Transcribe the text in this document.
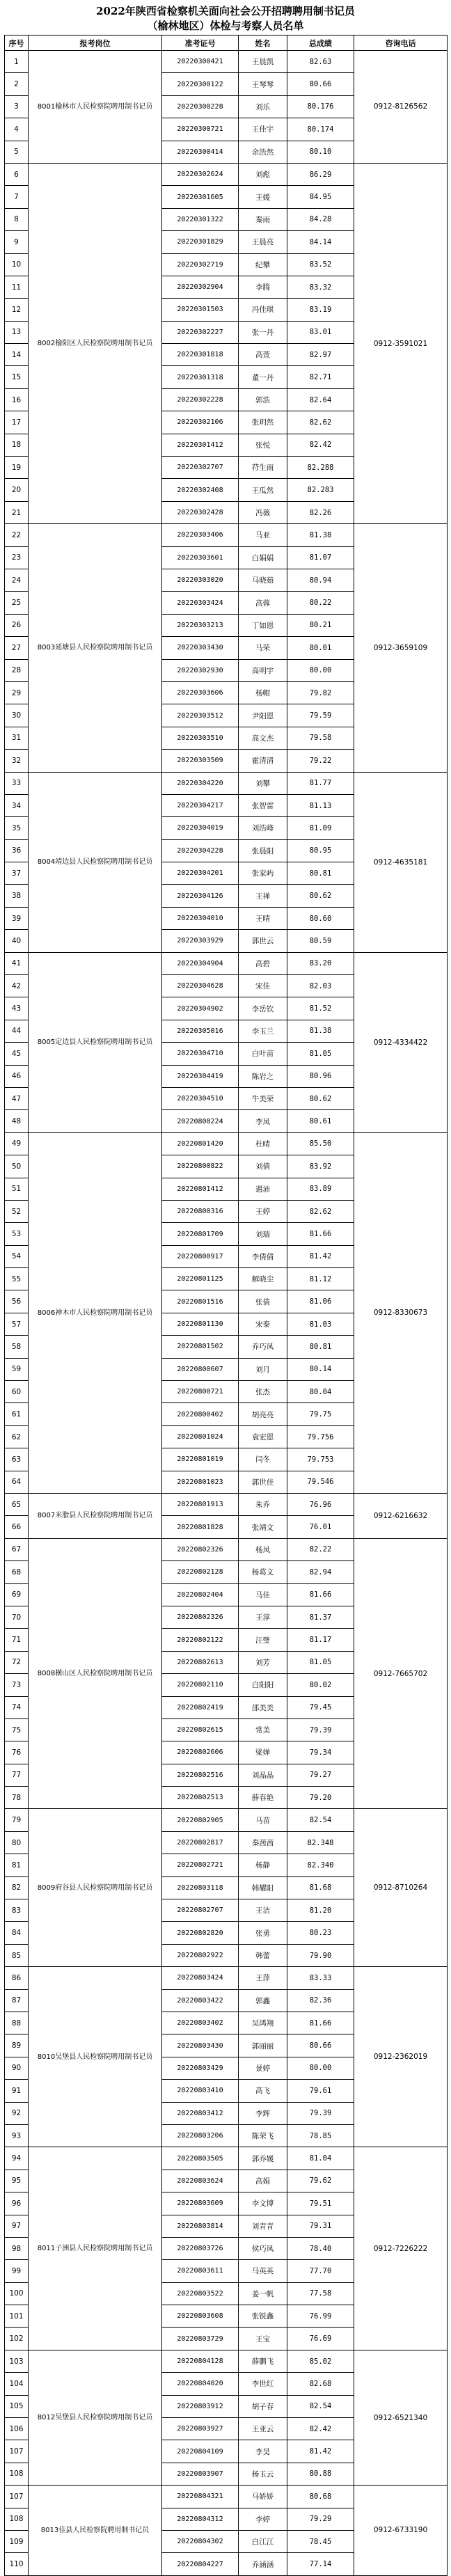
2022年陕西省检察机关面向社会公开招聘聘用制书记员
（榆林地区）体检与考察人员名单
序号	报考岗位	准考证号	姓名	总成绩	咨询电话
1	8001榆林市人民检察院聘用制书记员	20220300421	王晨凯	82.63	0912-8126562
2		20220300122	王琴琴	80.66	
3		20220300228	刘乐	80.176	
4		20220300721	王佳宇	80.174	
5		20220300414	余浩然	80.10	
6	8002榆阳区人民检察院聘用制书记员	20220302624	刘彪	86.29	0912-3591021
7		20220301605	王媛	84.95	
8		20220301322	秦雨	84.28	
9		20220301829	王晨亮	84.14	
10		20220302719	纪攀	83.52	
11		20220302904	李腾	83.32	
12		20220301503	冯佳琪	83.19	
13		20220302227	张一丹	83.01	
14		20220301818	高萱	82.97	
15		20220301318	董一丹	82.71	
16		20220302228	郭浩	82.64	
17		20220302106	张玥然	82.62	
18		20220301412	张悦	82.42	
19		20220302707	苻生雨	82.288	
20		20220302408	王瓜然	82.283	
21		20220302428	冯薇	82.26	
22	8003延塘县人民检察院聘用制书记员	20220303406	马亚	81.38	0912-3659109
23		20220303601	白娟娟	81.07	
24		20220303020	马晓茹	80.94	
25		20220303424	高蓉	80.22	
26		20220303213	丁如恩	80.21	
27		20220303430	马荣	80.01	
28		20220302930	高明宇	80.00	
29		20220303606	杨帽	79.82	
30		20220303512	尹阳恩	79.59	
31		20220303510	高文杰	79.58	
32		20220303509	霍清清	79.22	
33	8004靖边县人民检察院聘用制书记员	20220304220	刘攀	81.77	0912-4635181
34		20220304217	张智雷	81.13	
35		20220304019	刘浩峰	81.09	
36		20220304228	张晨阳	80.95	
37		20220304201	张家屿	80.81	
38		20220304126	王禅	80.62	
39		20220304010	王晴	80.60	
40		20220303929	郭世云	80.59	
41	8005定边县人民检察院聘用制书记员	20220304904	高碧	83.20	0912-4334422
42		20220304628	宋佳	82.03	
43		20220304902	李岳钦	81.52	
44		20220305016	李玉兰	81.38	
45		20220304710	白叶苗	81.05	
46		20220304419	陈岩之	80.96	
47		20220304510	牛美荣	80.62	
48		20220800224	李凤	80.61	
49	8006神木市人民检察院聘用制书记员	20220801420	杜晴	85.50	0912-8330673
50		20220800822	刘倩	83.92	
51		20220801412	遇沛	83.89	
52		20220800316	王婷	82.62	
53		20220801709	刘瑞	81.66	
54		20220800917	李倩倩	81.42	
55		20220801125	解晓尘	81.12	
56		20220801516	张倩	81.06	
57		20220801130	宋泰	81.03	
58		20220801502	乔巧凤	80.81	
59		20220800607	刘月	80.14	
60		20220800721	张杰	80.04	
61		20220800402	胡亮亮	79.75	
62		20220801024	袁宏恩	79.756	
63		20220801019	闫冬	79.753	
64		20220801023	郭世佳	79.546	
65	8007米脂县人民检察院聘用制书记员	20220801913	朱乔	76.96	0912-6216632
66		20220801828	张靖文	76.01	
67	8008横山区人民检察院聘用制书记员	20220802326	杨凤	82.22	0912-7665702
68		20220802128	杨葛文	82.94	
69		20220802404	马佳	81.66	
70		20220802326	王淳	81.37	
71		20220802122	汪璧	81.17	
72		20220802613	刘芳	81.05	
73		20220802110	白阳阳	80.02	
74		20220802419	邵美美	79.45	
75		20220802615	常美	79.39	
76		20220802606	梁婵	79.34	
77		20220802516	刘晶晶	79.27	
78		20220802513	薛春艳	79.20	
79	8009府谷县人民检察院聘用制书记员	20220802905	马苗	82.54	0912-8710264
80		20220802817	秦茜茜	82.348	
81		20220802721	杨静	82.340	
82		20220803118	韩耀阳	81.68	
83		20220802707	王洁	81.20	
84		20220802820	张勇	80.23	
85		20220802922	韩蕾	79.90	
86	8010吴堡县人民检察院聘用制书记员	20220803424	王萍	83.33	0912-2362019
87		20220803422	郭鑫	82.36	
88		20220803402	吴鸿翔	81.66	
89		20220803430	郭丽丽	80.66	
90		20220803429	景婷	80.00	
91		20220803410	高飞	79.61	
92		20220803412	李辉	79.39	
93		20220803206	陈荣飞	78.85	
94	8011子洲县人民检察院聘用制书记员	20220803505	郭乔媛	81.04	0912-7226222
95		20220803624	高娟	79.62	
96		20220803609	李文博	79.51	
97		20220803814	刘青青	79.31	
98		20220803726	侯巧凤	78.40	
99		20220803611	马英英	77.70	
100		20220803522	姜一帆	77.58	
101		20220803608	张锐鑫	76.99	
102		20220803729	王宝	76.69	
103	8012吴堡县人民检察院聘用制书记员	20220804128	薛鹏飞	85.02	0912-6521340
104		20220804020	李世红	82.68	
105		20220803912	胡子春	82.54	
106		20220803927	王亚云	82.42	
107		20220804109	李昊	81.42	
108		20220803907	杨玉云	80.88	
107	8013佳县人民检察院聘用制书记员	20220804321	马娇娇	80.68	0912-6733190
108		20220804312	李婷	79.29	
109		20220804302	白江江	78.45	
110		20220804227	乔涵涵	77.14	
